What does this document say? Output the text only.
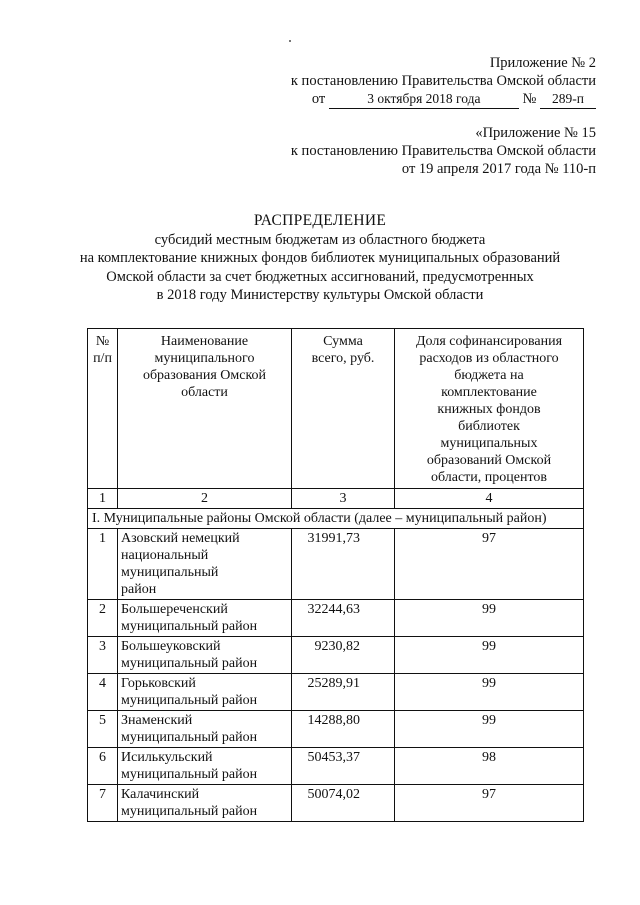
Приложение № 2
к постановлению Правительства Омской области
от	3 октября 2018 года	№ 289-п
«Приложение № 15
к постановлению Правительства Омской области
от 19 апреля 2017 года № 110-п
РАСПРЕДЕЛЕНИЕ
субсидий местным бюджетам из областного бюджета
на комплектование книжных фондов библиотек муниципальных образований
Омской области за счет бюджетных ассигнований, предусмотренных
в 2018 году Министерству культуры Омской области
№ п/п	Наименование муниципального образования Омской области	Сумма всего, руб.	Доля софинансирования расходов из областного бюджета на комплектование книжных фондов библиотек муниципальных образований Омской области, процентов
1	2	3	4
I. Муниципальные районы Омской области (далее – муниципальный район)			
1	Азовский немецкий национальный муниципальный район	31991,73	97
2	Большереченский муниципальный район	32244,63	99
3	Большеуковский муниципальный район	9230,82	99
4	Горьковский муниципальный район	25289,91	99
5	Знаменский муниципальный район	14288,80	99
6	Исилькульский муниципальный район	50453,37	98
7	Калачинский муниципальный район	50074,02	97
